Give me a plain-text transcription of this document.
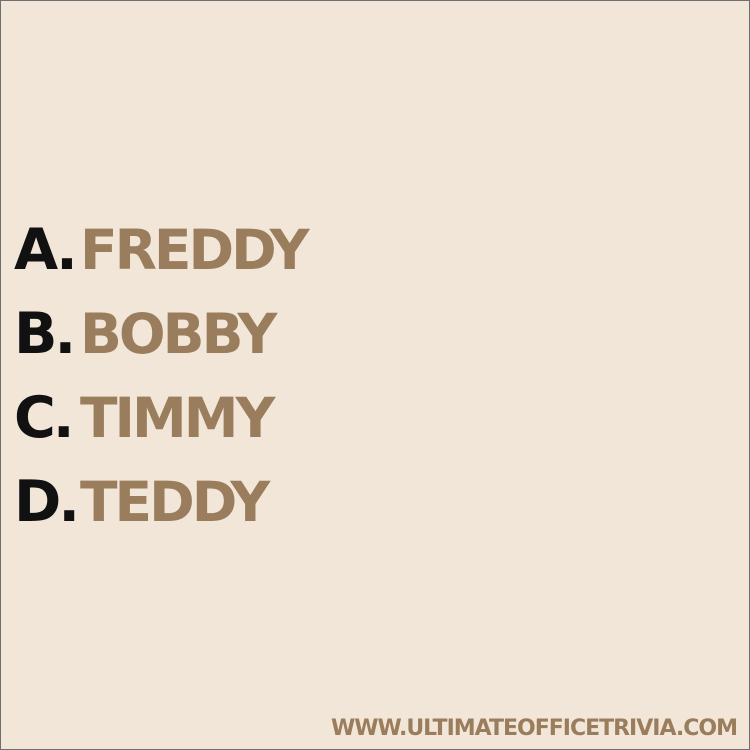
A. FREDDY
B. BOBBY
C. TIMMY
D. TEDDY
WWW.ULTIMATEOFFICETRIVIA.COM
